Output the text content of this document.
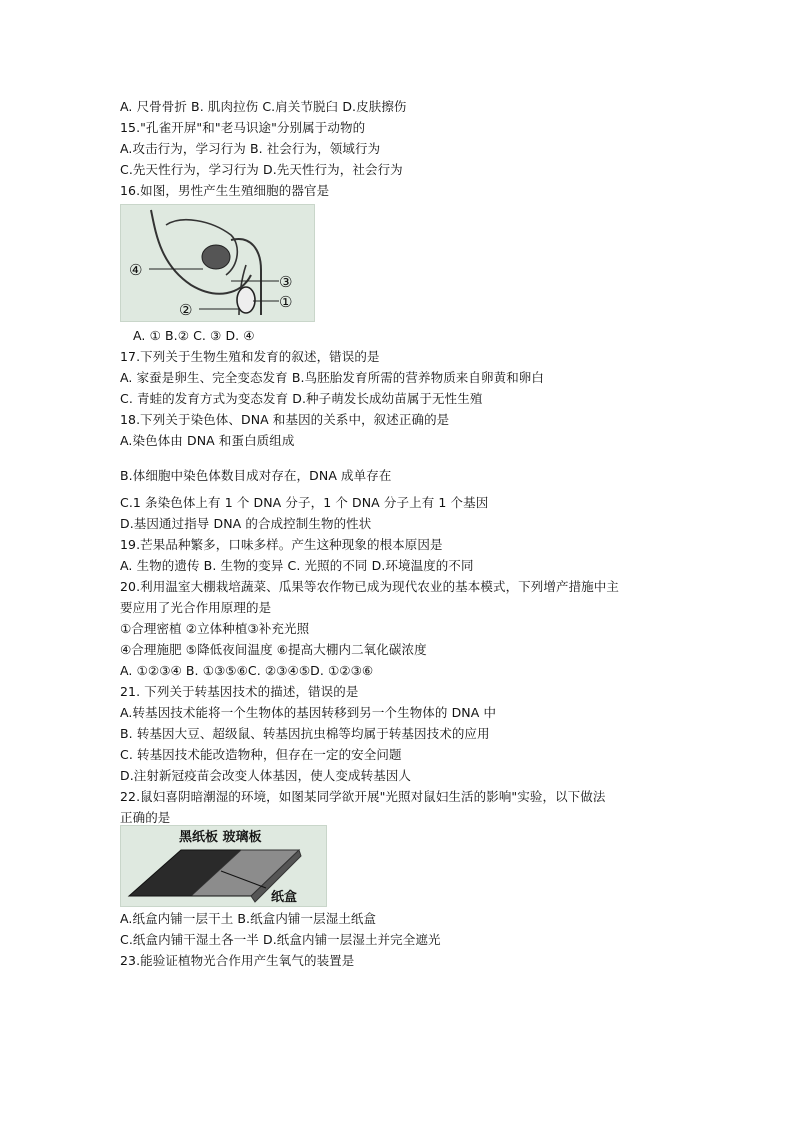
A. 尺骨骨折 B. 肌肉拉伤 C.肩关节脱臼 D.皮肤擦伤
15."孔雀开屏"和"老马识途"分别属于动物的
A.攻击行为，学习行为 B. 社会行为，领域行为
C.先天性行为，学习行为 D.先天性行为，社会行为
16.如图，男性产生生殖细胞的器官是
④
③
②	①
A. ① B.② C. ③ D. ④
17.下列关于生物生殖和发育的叙述，错误的是
A. 家蚕是卵生、完全变态发育 B.鸟胚胎发育所需的营养物质来自卵黄和卵白
C. 青蛙的发育方式为变态发育 D.种子萌发长成幼苗属于无性生殖
18.下列关于染色体、DNA 和基因的关系中，叙述正确的是
A.染色体由 DNA 和蛋白质组成
B.体细胞中染色体数目成对存在，DNA 成单存在
C.1 条染色体上有 1 个 DNA 分子，1 个 DNA 分子上有 1 个基因
D.基因通过指导 DNA 的合成控制生物的性状
19.芒果品种繁多，口味多样。产生这种现象的根本原因是
A. 生物的遗传 B. 生物的变异 C. 光照的不同 D.环境温度的不同
20.利用温室大棚栽培蔬菜、瓜果等农作物已成为现代农业的基本模式，下列增产措施中主
要应用了光合作用原理的是
①合理密植 ②立体种植③补充光照
④合理施肥 ⑤降低夜间温度 ⑥提高大棚内二氧化碳浓度
A. ①②③④ B. ①③⑤⑥C. ②③④⑤D. ①②③⑥
21. 下列关于转基因技术的描述，错误的是
A.转基因技术能将一个生物体的基因转移到另一个生物体的 DNA 中
B. 转基因大豆、超级鼠、转基因抗虫棉等均属于转基因技术的应用
C. 转基因技术能改造物种，但存在一定的安全问题
D.注射新冠疫苗会改变人体基因，使人变成转基因人
22.鼠妇喜阴暗潮湿的环境，如图某同学欲开展"光照对鼠妇生活的影响"实验，以下做法
正确的是
黑纸板 玻璃板
纸盒
A.纸盒内铺一层干土 B.纸盒内铺一层湿土纸盒
C.纸盒内铺干湿土各一半 D.纸盒内铺一层湿土并完全遮光
23.能验证植物光合作用产生氧气的装置是
